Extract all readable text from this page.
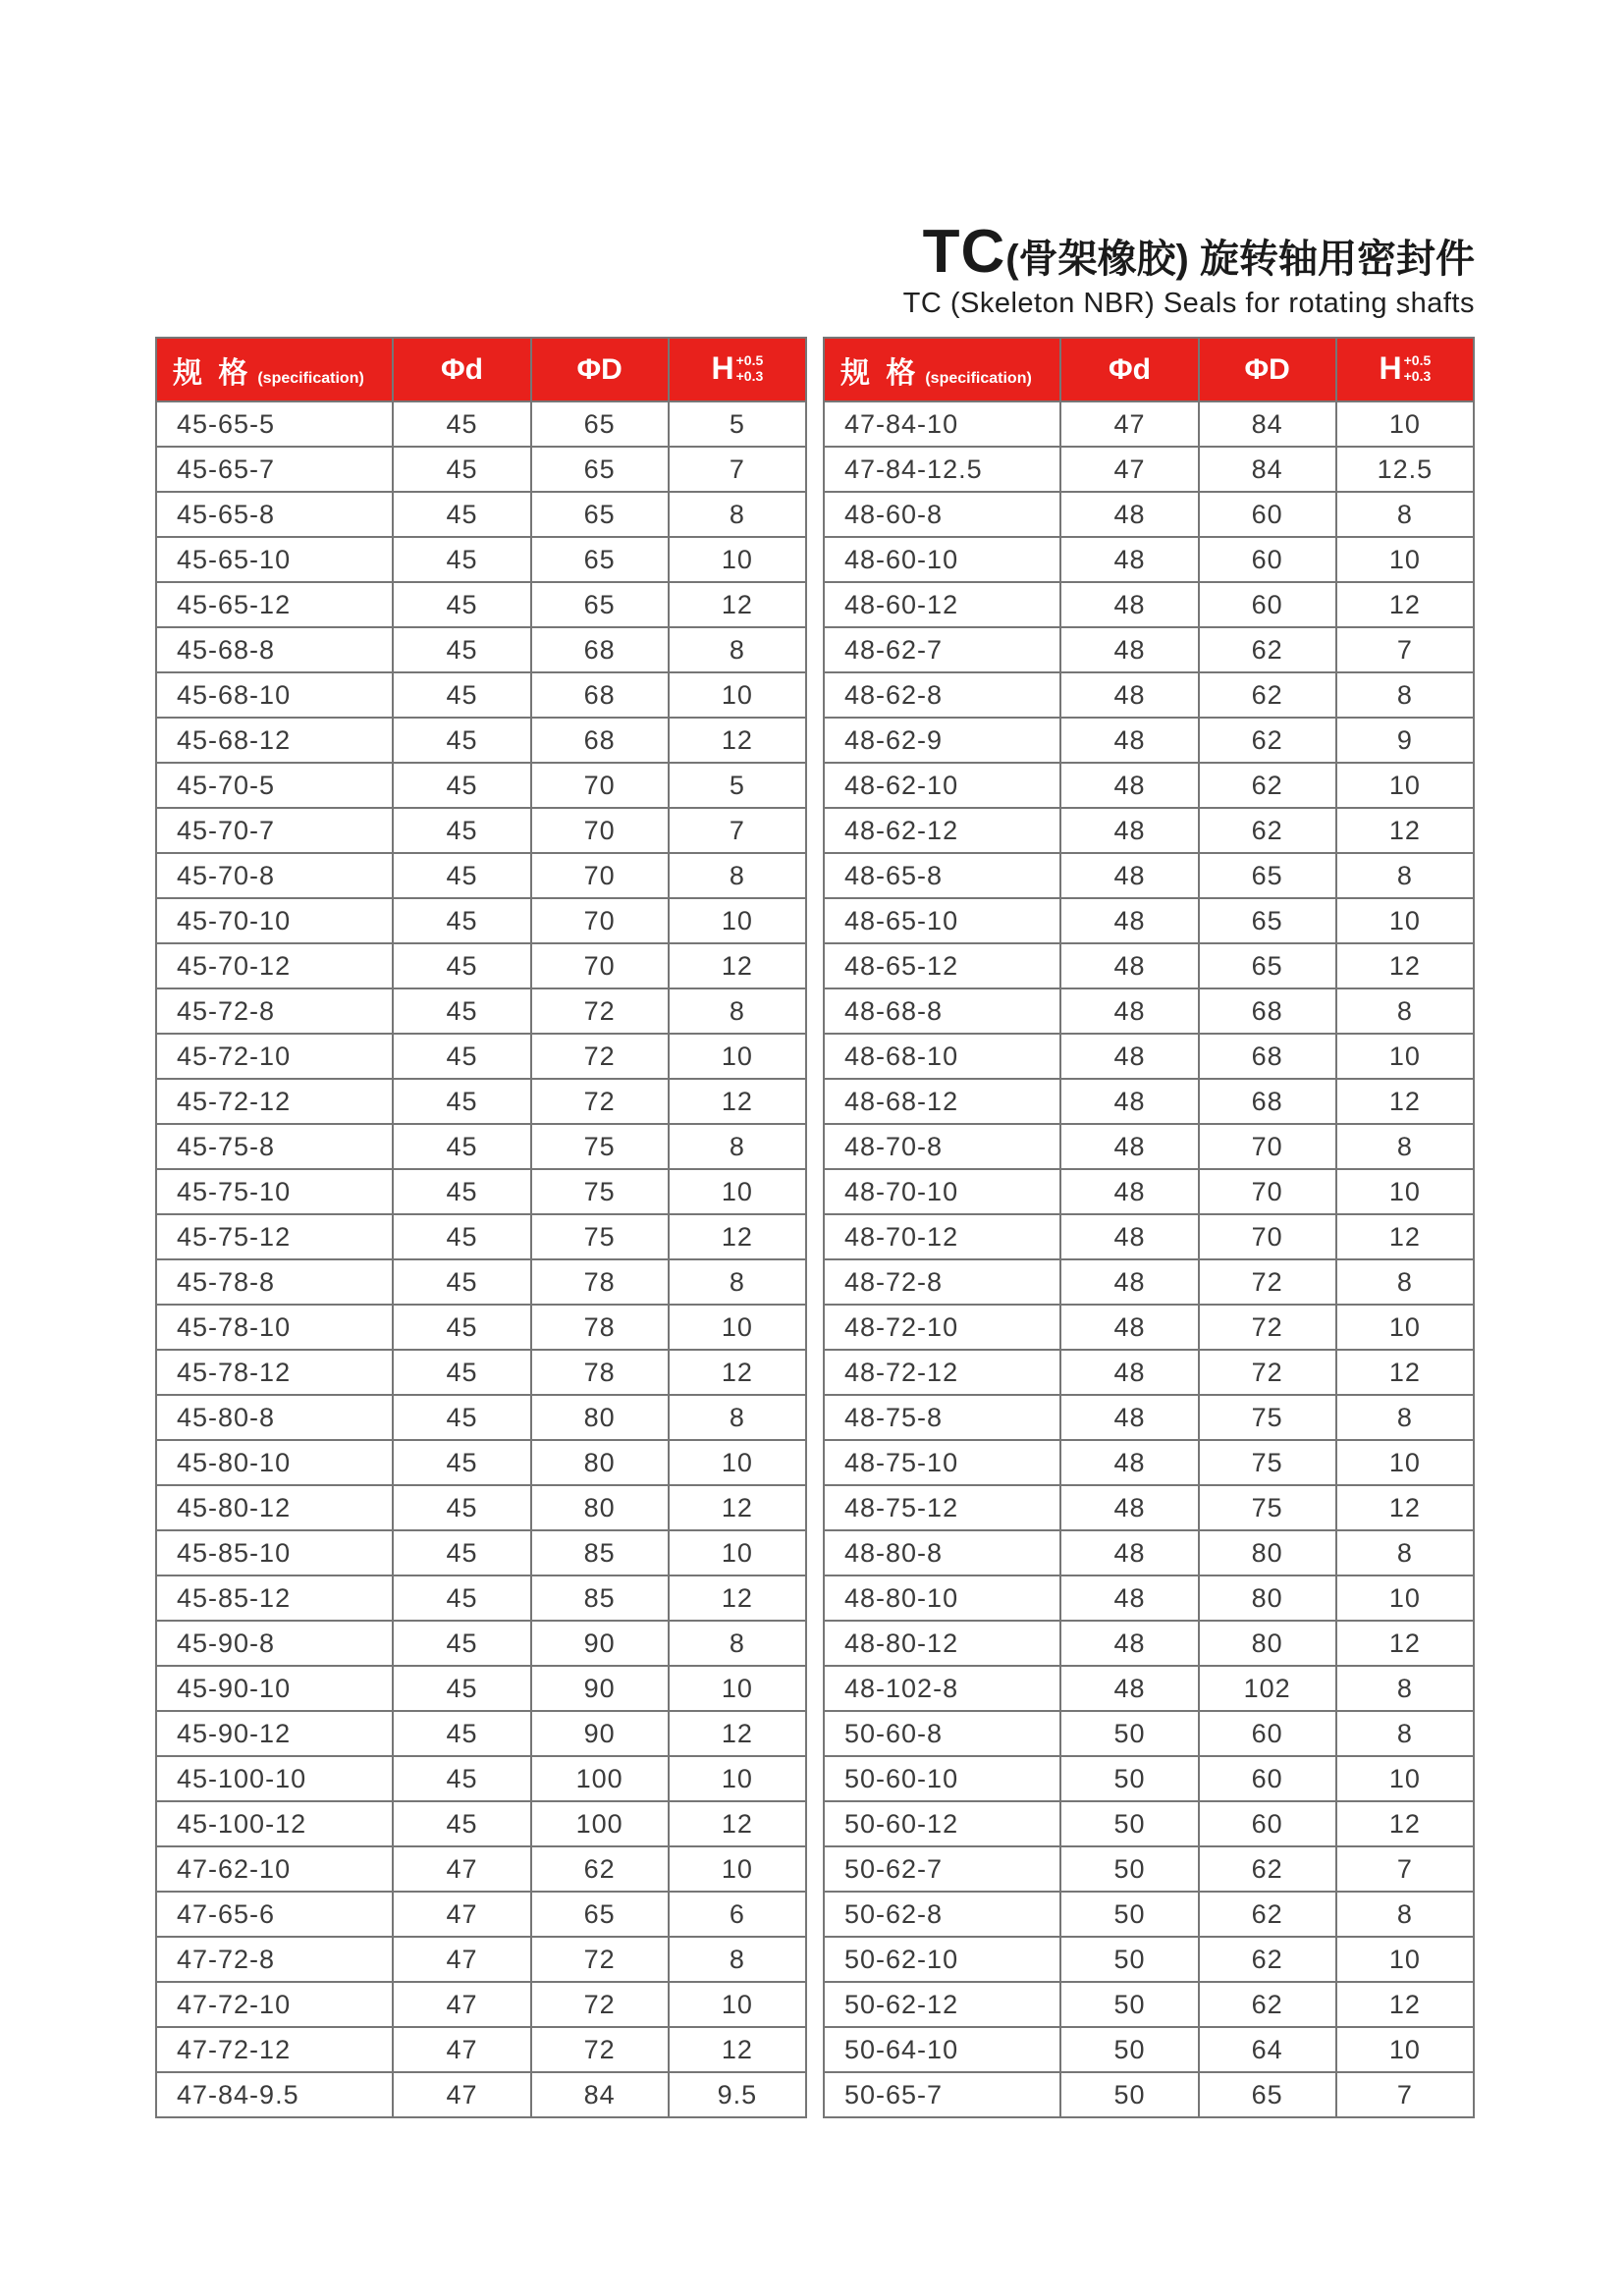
TC(骨架橡胶) 旋转轴用密封件
TC (Skeleton NBR) Seals for rotating shafts
规 格 (specification)	Φd	ΦD	H +0.5
+0.3

45-65-5	45	65	5
45-65-7	45	65	7
45-65-8	45	65	8
45-65-10	45	65	10
45-65-12	45	65	12
45-68-8	45	68	8
45-68-10	45	68	10
45-68-12	45	68	12
45-70-5	45	70	5
45-70-7	45	70	7
45-70-8	45	70	8
45-70-10	45	70	10
45-70-12	45	70	12
45-72-8	45	72	8
45-72-10	45	72	10
45-72-12	45	72	12
45-75-8	45	75	8
45-75-10	45	75	10
45-75-12	45	75	12
45-78-8	45	78	8
45-78-10	45	78	10
45-78-12	45	78	12
45-80-8	45	80	8
45-80-10	45	80	10
45-80-12	45	80	12
45-85-10	45	85	10
45-85-12	45	85	12
45-90-8	45	90	8
45-90-10	45	90	10
45-90-12	45	90	12
45-100-10	45	100	10
45-100-12	45	100	12
47-62-10	47	62	10
47-65-6	47	65	6
47-72-8	47	72	8
47-72-10	47	72	10
47-72-12	47	72	12
47-84-9.5	47	84	9.5
规 格 (specification)	Φd	ΦD	H +0.5
+0.3

47-84-10	47	84	10
47-84-12.5	47	84	12.5
48-60-8	48	60	8
48-60-10	48	60	10
48-60-12	48	60	12
48-62-7	48	62	7
48-62-8	48	62	8
48-62-9	48	62	9
48-62-10	48	62	10
48-62-12	48	62	12
48-65-8	48	65	8
48-65-10	48	65	10
48-65-12	48	65	12
48-68-8	48	68	8
48-68-10	48	68	10
48-68-12	48	68	12
48-70-8	48	70	8
48-70-10	48	70	10
48-70-12	48	70	12
48-72-8	48	72	8
48-72-10	48	72	10
48-72-12	48	72	12
48-75-8	48	75	8
48-75-10	48	75	10
48-75-12	48	75	12
48-80-8	48	80	8
48-80-10	48	80	10
48-80-12	48	80	12
48-102-8	48	102	8
50-60-8	50	60	8
50-60-10	50	60	10
50-60-12	50	60	12
50-62-7	50	62	7
50-62-8	50	62	8
50-62-10	50	62	10
50-62-12	50	62	12
50-64-10	50	64	10
50-65-7	50	65	7
